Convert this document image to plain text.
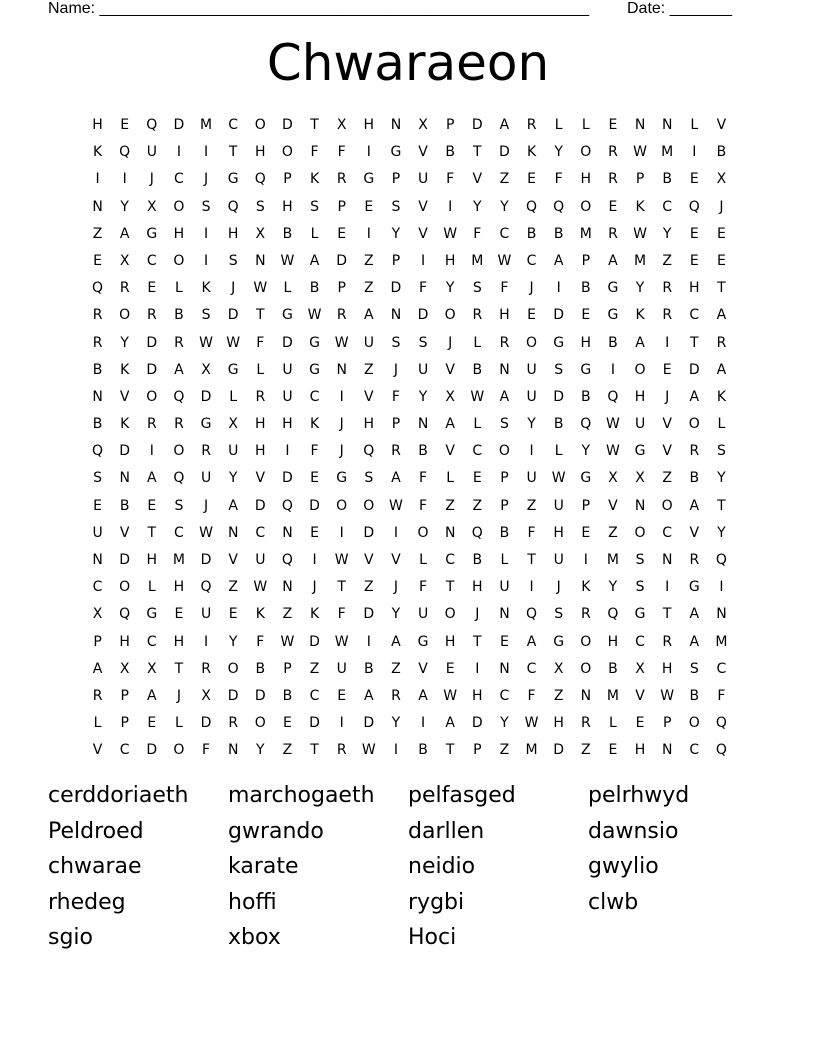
Name: _______________________________________________________ Date: _______
Chwaraeon
H	E	Q	D	M	C	O	D	T	X	H	N	X	P	D	A	R	L	L	E	N	N	L	V
K	Q	U	I	I	T	H	O	F	F	I	G	V	B	T	D	K	Y	O	R	W	M	I	B
I	I	J	C	J	G	Q	P	K	R	G	P	U	F	V	Z	E	F	H	R	P	B	E	X
N	Y	X	O	S	Q	S	H	S	P	E	S	V	I	Y	Y	Q	Q	O	E	K	C	Q	J
Z	A	G	H	I	H	X	B	L	E	I	Y	V	W	F	C	B	B	M	R	W	Y	E	E
E	X	C	O	I	S	N	W	A	D	Z	P	I	H	M	W	C	A	P	A	M	Z	E	E
Q	R	E	L	K	J	W	L	B	P	Z	D	F	Y	S	F	J	I	B	G	Y	R	H	T
R	O	R	B	S	D	T	G	W	R	A	N	D	O	R	H	E	D	E	G	K	R	C	A
R	Y	D	R	W W	F	D	G	W	U	S	S	J	L	R	O	G	H	B	A	I	T	R
B	K	D	A	X	G	L	U	G	N	Z	J	U	V	B	N	U	S	G	I	O	E	D	A
N	V	O	Q	D	L	R	U	C	I	V	F	Y	X	W	A	U	D	B	Q	H	J	A	K
B	K	R	R	G	X	H	H	K	J	H	P	N	A	L	S	Y	B	Q	W	U	V	O	L
Q	D	I	O	R	U	H	I	F	J	Q	R	B	V	C	O	I	L	Y	W	G	V	R	S
S	N	A	Q	U	Y	V	D	E	G	S	A	F	L	E	P	U	W	G	X	X	Z	B	Y
E	B	E	S	J	A	D	Q	D	O	O	W	F	Z	Z	P	Z	U	P	V	N	O	A	T
U	V	T	C	W	N	C	N	E	I	D	I	O	N	Q	B	F	H	E	Z	O	C	V	Y
N	D	H	M	D	V	U	Q	I	W	V	V	L	C	B	L	T	U	I	M	S	N	R	Q
C	O	L	H	Q	Z	W	N	J	T	Z	J	F	T	H	U	I	J	K	Y	S	I	G	I
X	Q	G	E	U	E	K	Z	K	F	D	Y	U	O	J	N	Q	S	R	Q	G	T	A	N
P	H	C	H	I	Y	F	W	D	W	I	A	G	H	T	E	A	G	O	H	C	R	A	M
A	X	X	T	R	O	B	P	Z	U	B	Z	V	E	I	N	C	X	O	B	X	H	S	C
R	P	A	J	X	D	D	B	C	E	A	R	A	W	H	C	F	Z	N	M	V	W	B	F
L	P	E	L	D	R	O	E	D	I	D	Y	I	A	D	Y	W	H	R	L	E	P	O	Q
V	C	D	O	F	N	Y	Z	T	R	W	I	B	T	P	Z	M	D	Z	E	H	N	C	Q
cerddoriaeth	marchogaeth	pelfasged	pelrhwyd
Peldroed	gwrando	darllen	dawnsio
chwarae	karate	neidio	gwylio
rhedeg	hoffi	rygbi	clwb
sgio	xbox	Hoci
